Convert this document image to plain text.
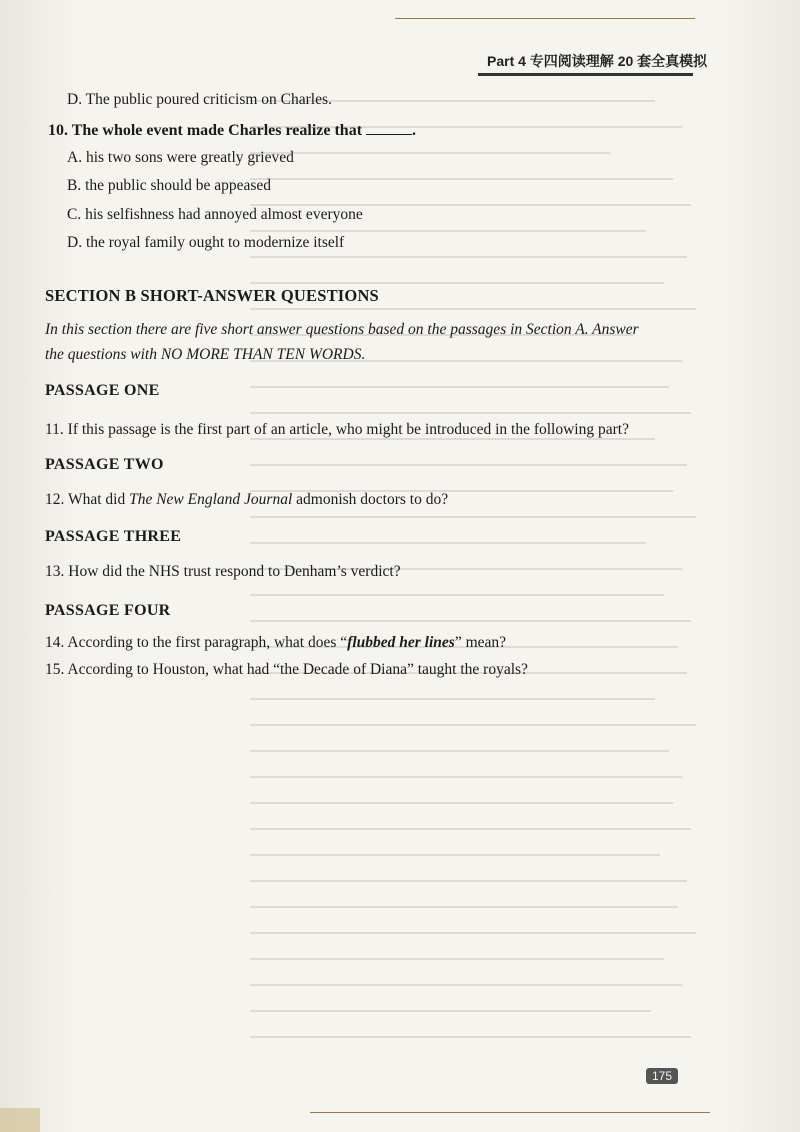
Part 4 专四阅读理解 20 套全真模拟
D. The public poured criticism on Charles.
10. The whole event made Charles realize that	.
A. his two sons were greatly grieved
B. the public should be appeased
C. his selfishness had annoyed almost everyone
D. the royal family ought to modernize itself
SECTION B SHORT-ANSWER QUESTIONS
In this section there are five short answer questions based on the passages in Section A. Answer
the questions with NO MORE THAN TEN WORDS.
PASSAGE ONE
11. If this passage is the first part of an article, who might be introduced in the following part?
PASSAGE TWO
12. What did The New England Journal admonish doctors to do?
PASSAGE THREE
13. How did the NHS trust respond to Denham’s verdict?
PASSAGE FOUR
14. According to the first paragraph, what does “flubbed her lines” mean?
15. According to Houston, what had “the Decade of Diana” taught the royals?
175
